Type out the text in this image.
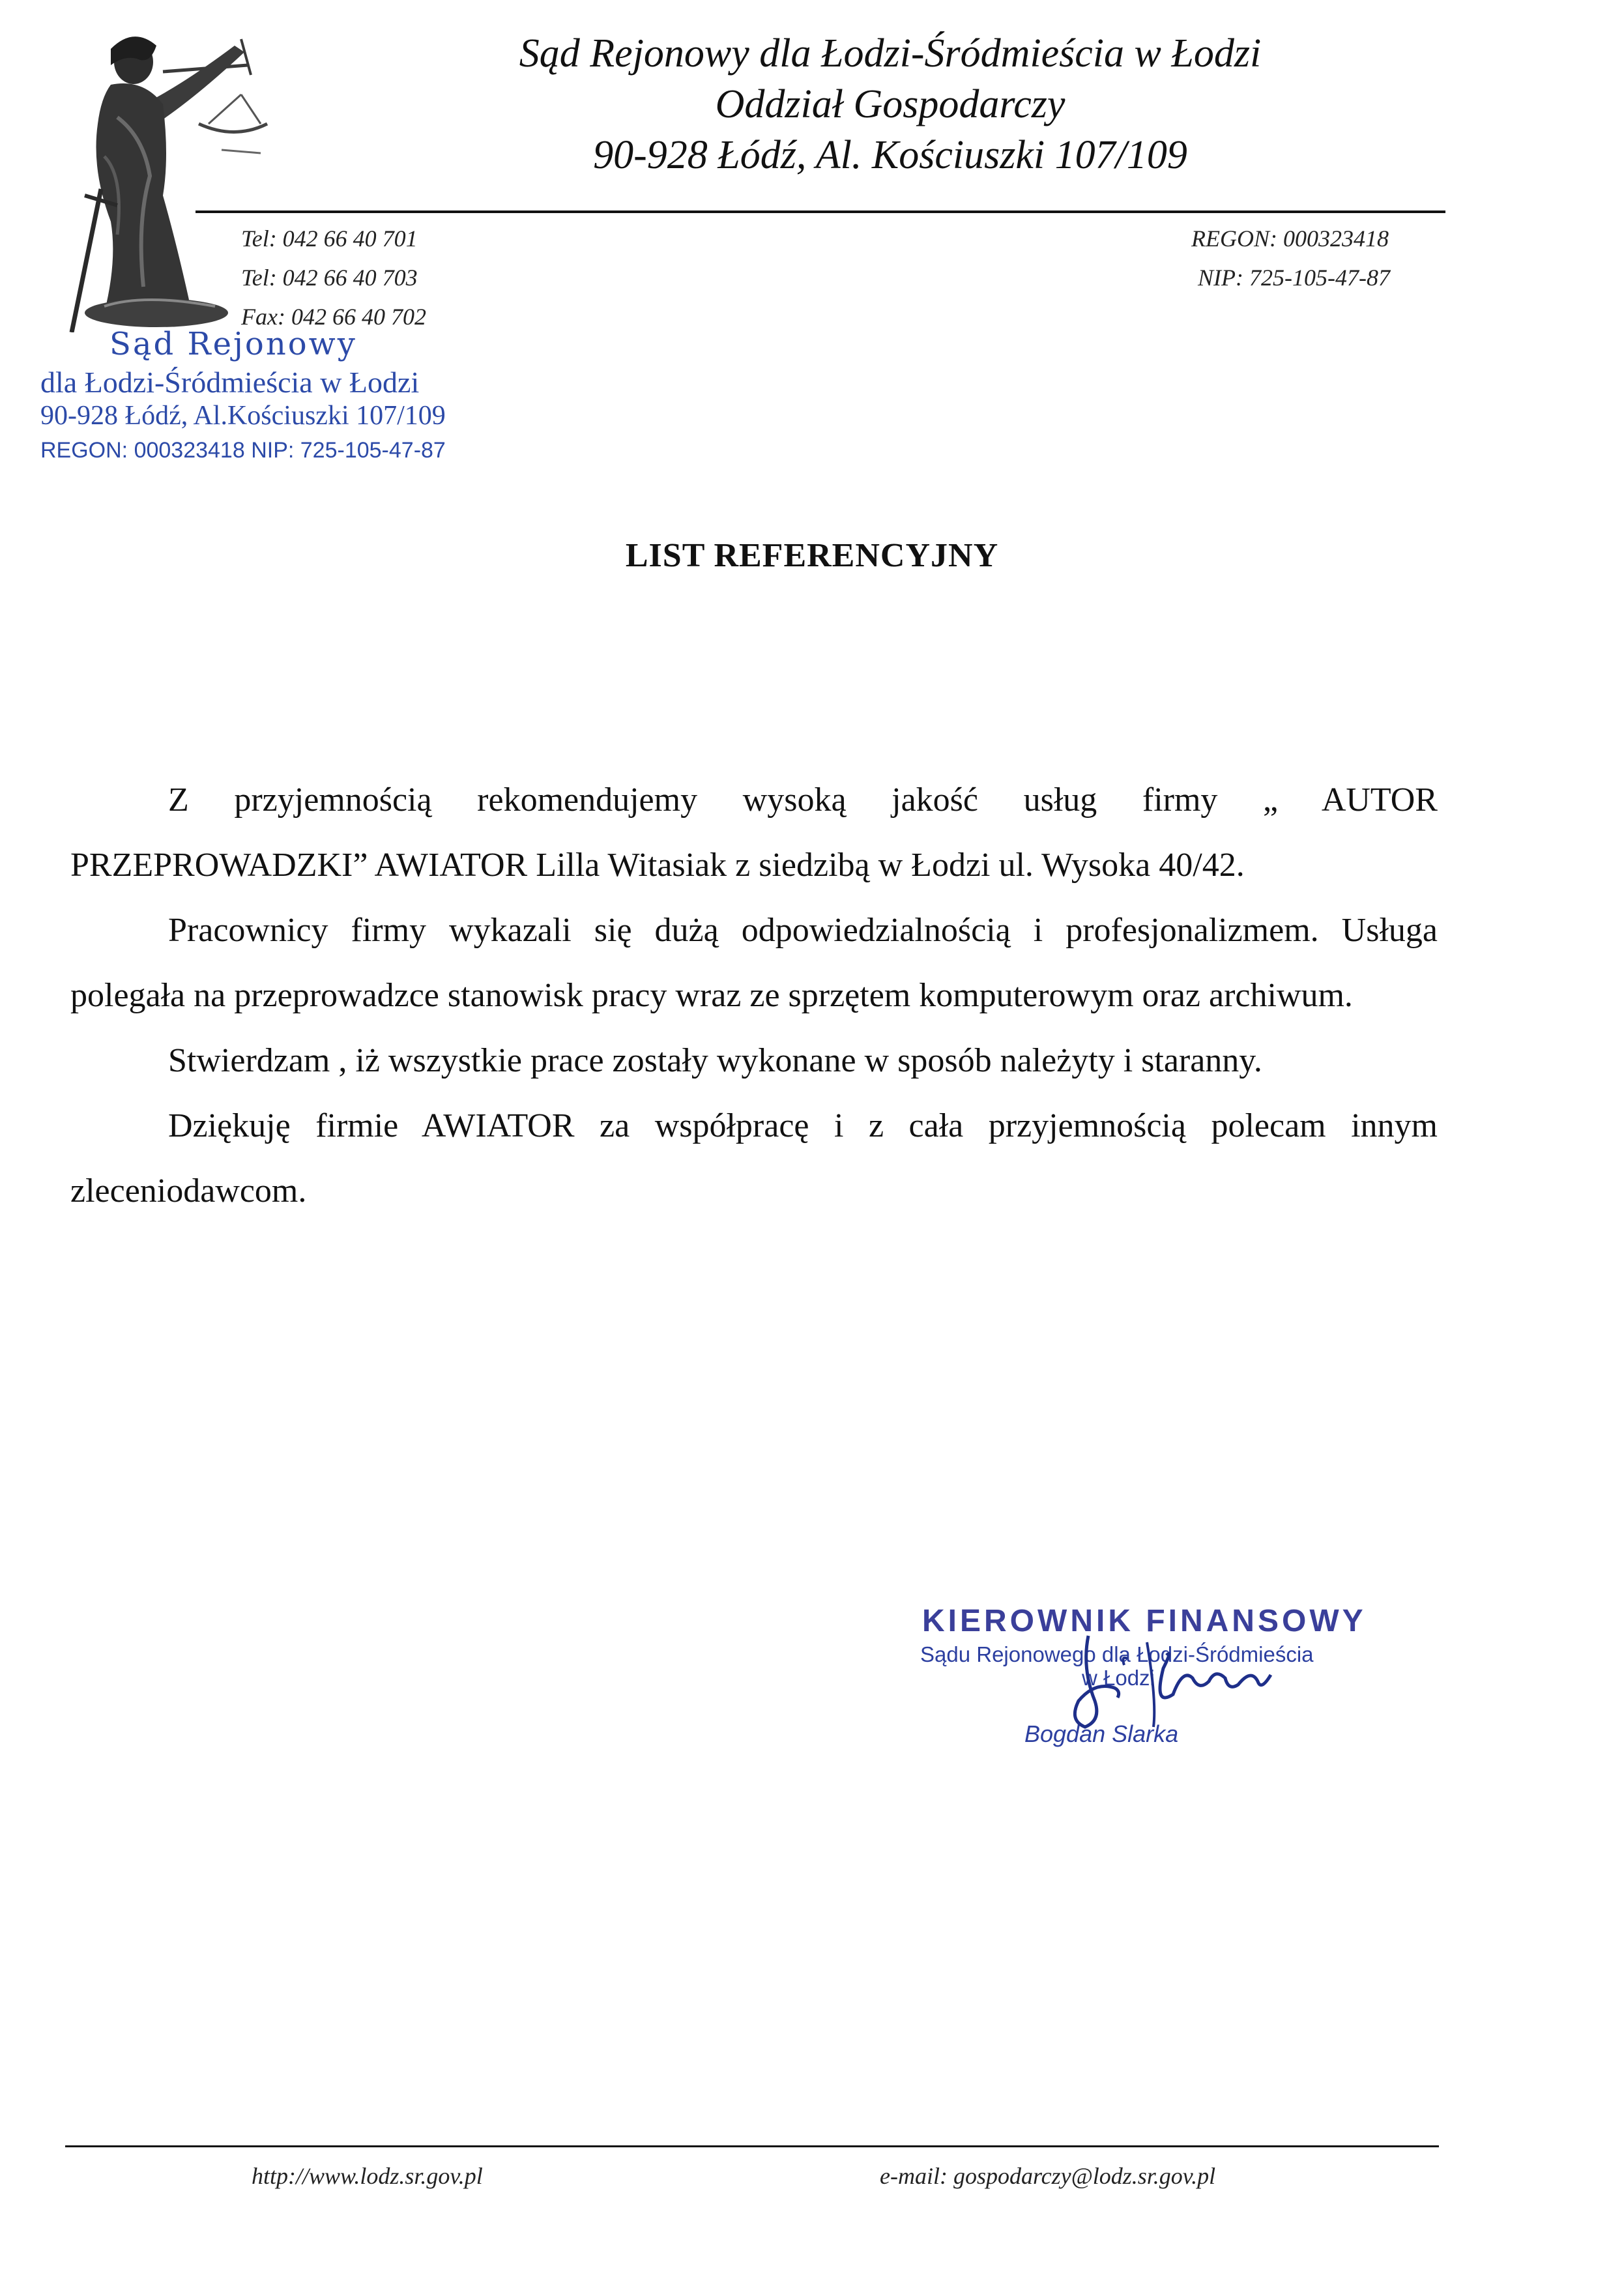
Sąd Rejonowy dla Łodzi-Śródmieścia w Łodzi
Oddział Gospodarczy
90-928 Łódź, Al. Kościuszki 107/109
Tel: 042 66 40 701
Tel: 042 66 40 703
Fax: 042 66 40 702
REGON: 000323418
NIP: 725-105-47-87
Sąd Rejonowy
dla Łodzi-Śródmieścia w Łodzi
90-928 Łódź, Al.Kościuszki 107/109
REGON: 000323418 NIP: 725-105-47-87
LIST REFERENCYJNY

Z przyjemnością rekomendujemy wysoką jakość usług firmy „ AUTOR PRZEPROWADZKI” AWIATOR Lilla Witasiak z siedzibą w Łodzi ul. Wysoka 40/42.

Pracownicy firmy wykazali się dużą odpowiedzialnością i profesjonalizmem. Usługa polegała na przeprowadzce stanowisk pracy wraz ze sprzętem komputerowym oraz archiwum.

Stwierdzam , iż wszystkie prace zostały wykonane w sposób należyty i staranny.

Dziękuję firmie AWIATOR za współpracę i z cała przyjemnością polecam innym zleceniodawcom.

KIEROWNIK FINANSOWY
Sądu Rejonowego dla Łodzi-Śródmieścia
w Łodzi
Bogdan Slarka
http://www.lodz.sr.gov.pl	e-mail: gospodarczy@lodz.sr.gov.pl
